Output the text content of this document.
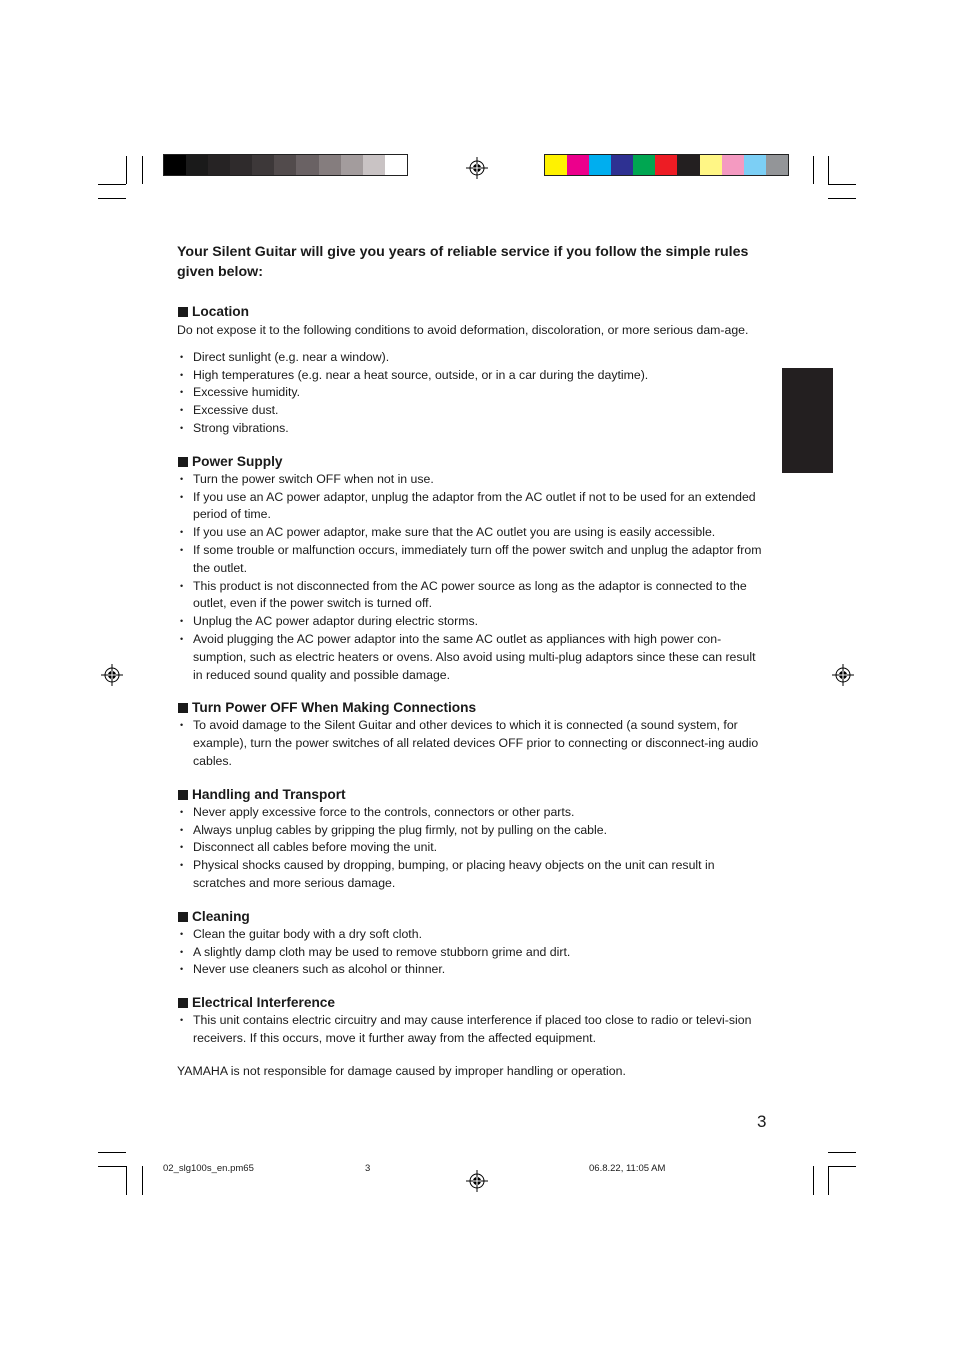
Your Silent Guitar will give you years of reliable service if you follow the simple rules given below:

Location

Do not expose it to the following conditions to avoid deformation, discoloration, or more serious dam-age.

• Direct sunlight (e.g. near a window).
• High temperatures (e.g. near a heat source, outside, or in a car during the daytime).
• Excessive humidity.
• Excessive dust.
• Strong vibrations.
Power Supply
• Turn the power switch OFF when not in use.
• If you use an AC power adaptor, unplug the adaptor from the AC outlet if not to be used for an extended period of time.
• If you use an AC power adaptor, make sure that the AC outlet you are using is easily accessible.
• If some trouble or malfunction occurs, immediately turn off the power switch and unplug the adaptor from the outlet.
• This product is not disconnected from the AC power source as long as the adaptor is connected to the outlet, even if the power switch is turned off.
• Unplug the AC power adaptor during electric storms.
• Avoid plugging the AC power adaptor into the same AC outlet as appliances with high power con-sumption, such as electric heaters or ovens. Also avoid using multi-plug adaptors since these can result in reduced sound quality and possible damage.
Turn Power OFF When Making Connections
• To avoid damage to the Silent Guitar and other devices to which it is connected (a sound system, for example), turn the power switches of all related devices OFF prior to connecting or disconnect-ing audio cables.
Handling and Transport
• Never apply excessive force to the controls, connectors or other parts.
• Always unplug cables by gripping the plug firmly, not by pulling on the cable.
• Disconnect all cables before moving the unit.
• Physical shocks caused by dropping, bumping, or placing heavy objects on the unit can result in scratches and more serious damage.
Cleaning
• Clean the guitar body with a dry soft cloth.
• A slightly damp cloth may be used to remove stubborn grime and dirt.
• Never use cleaners such as alcohol or thinner.
Electrical Interference
• This unit contains electric circuitry and may cause interference if placed too close to radio or televi-sion receivers. If this occurs, move it further away from the affected equipment.

YAMAHA is not responsible for damage caused by improper handling or operation.

3
02_slg100s_en.pm65	3	06.8.22, 11:05 AM
